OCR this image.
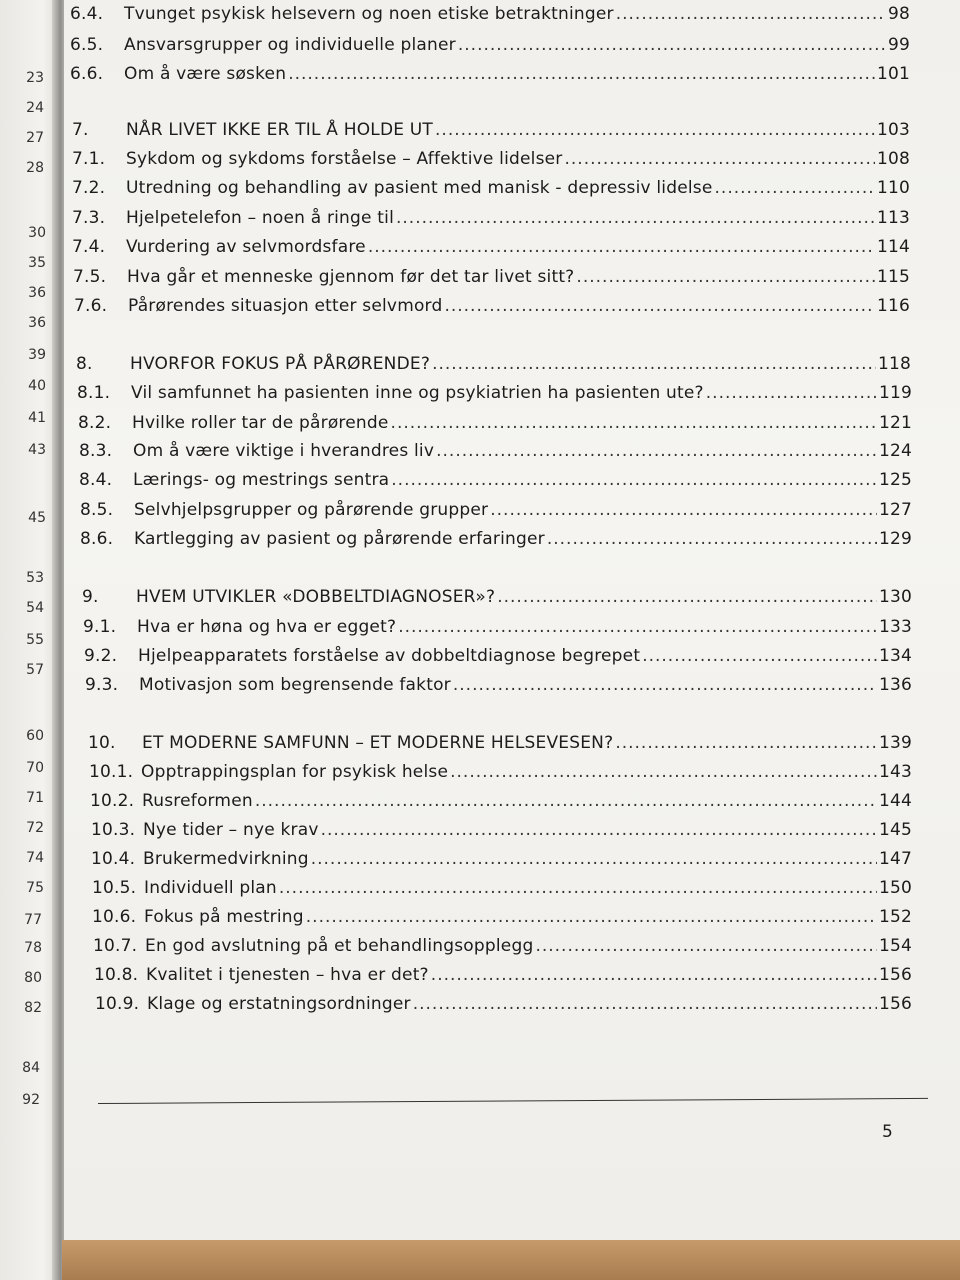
23
24
27
28
30
35
36
36
39
40
41
43
45
53
54
55
57
60
70
71
72
74
75
77
78
80
82
84
92
6.4.	Tvunget psykisk helsevern og noen etiske betraktninger .....	98
6.5.	Ansvarsgrupper og individuelle planer .....	99
6.6.	Om å være søsken .....	101
7.	NÅR LIVET IKKE ER TIL Å HOLDE UT .....	103
7.1.	Sykdom og sykdoms forståelse – Affektive lidelser .....	108
7.2.	Utredning og behandling av pasient med manisk - depressiv lidelse .....	110
7.3.	Hjelpetelefon – noen å ringe til .....	113
7.4.	Vurdering av selvmordsfare .....	114
7.5.	Hva går et menneske gjennom før det tar livet sitt? .....	115
7.6.	Pårørendes situasjon etter selvmord .....	116
8.	HVORFOR FOKUS PÅ PÅRØRENDE? .....	118
8.1.	Vil samfunnet ha pasienten inne og psykiatrien ha pasienten ute? .....	119
8.2.	Hvilke roller tar de pårørende .....	121
8.3.	Om å være viktige i hverandres liv .....	124
8.4.	Lærings- og mestrings sentra .....	125
8.5.	Selvhjelpsgrupper og pårørende grupper .....	127
8.6.	Kartlegging av pasient og pårørende erfaringer .....	129
9.	HVEM UTVIKLER «DOBBELTDIAGNOSER»? .....	130
9.1.	Hva er høna og hva er egget? .....	133
9.2.	Hjelpeapparatets forståelse av dobbeltdiagnose begrepet .....	134
9.3.	Motivasjon som begrensende faktor .....	136
10.	ET MODERNE SAMFUNN – ET MODERNE HELSEVESEN? .....	139
10.1. Opptrappingsplan for psykisk helse .....	143
10.2. Rusreformen .....	144
10.3. Nye tider – nye krav .....	145
10.4. Brukermedvirkning .....	147
10.5. Individuell plan .....	150
10.6. Fokus på mestring .....	152
10.7. En god avslutning på et behandlingsopplegg .....	154
10.8. Kvalitet i tjenesten – hva er det? .....	156
10.9. Klage og erstatningsordninger .....	156
5
